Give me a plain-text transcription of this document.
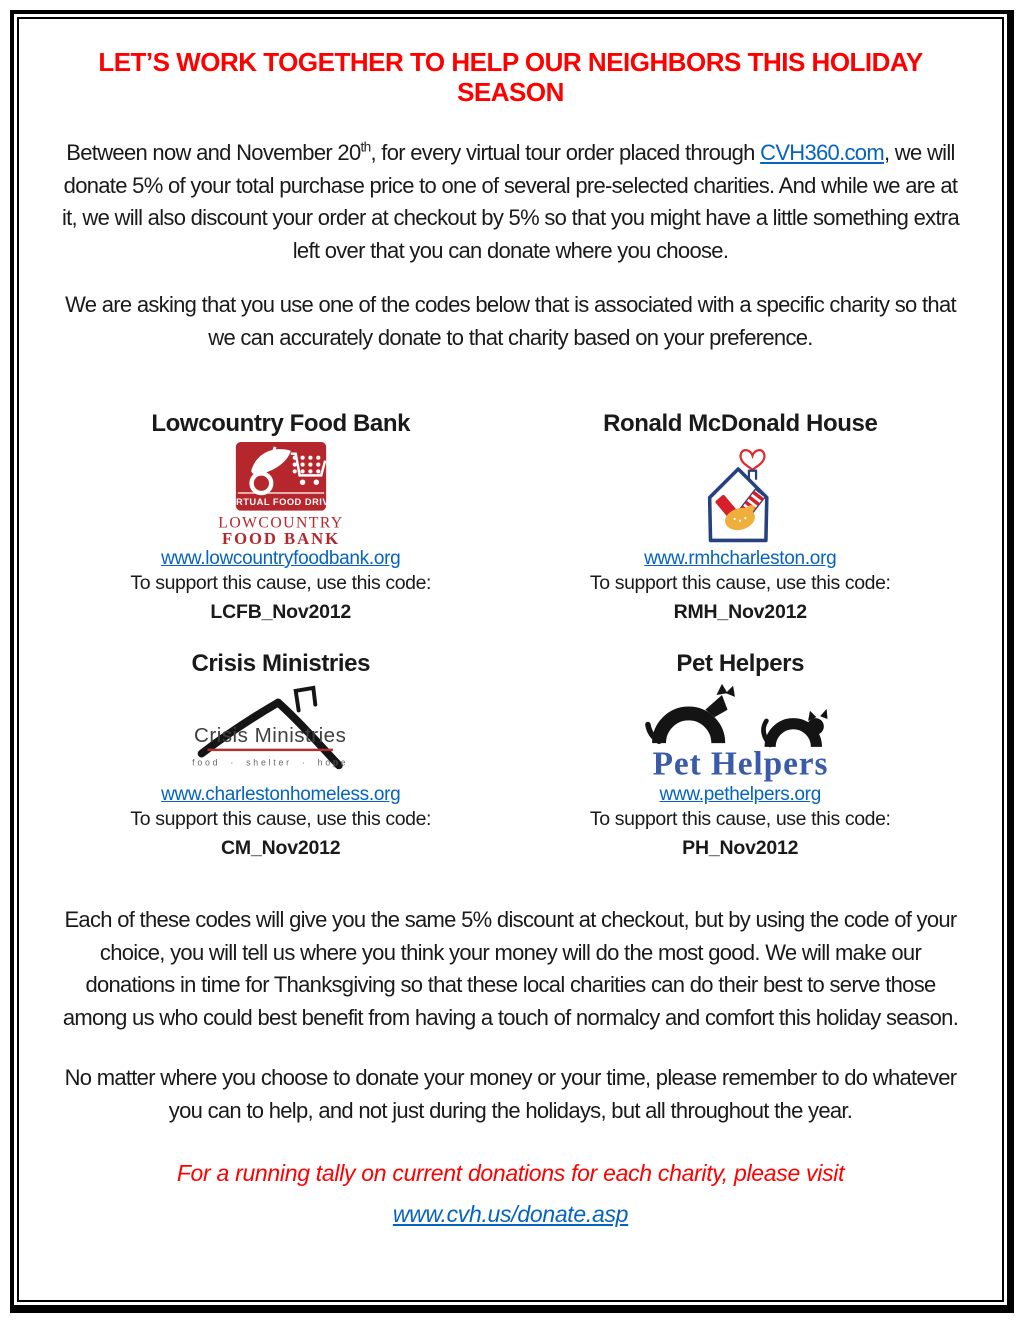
LET’S WORK TOGETHER TO HELP OUR NEIGHBORS THIS HOLIDAY SEASON

Between now and November 20th, for every virtual tour order placed through CVH360.com, we will donate 5% of your total purchase price to one of several pre-selected charities. And while we are at it, we will also discount your order at checkout by 5% so that you might have a little something extra left over that you can donate where you choose.

We are asking that you use one of the codes below that is associated with a specific charity so that we can accurately donate to that charity based on your preference.

Lowcountry Food Bank
VIRTUAL FOOD DRIVE
LOWCOUNTRY
FOOD BANK
www.lowcountryfoodbank.org
To support this cause, use this code:
LCFB_Nov2012
Ronald McDonald House
www.rmhcharleston.org
To support this cause, use this code:
RMH_Nov2012
Crisis Ministries
Crisis Ministries
food · shelter · hope
www.charlestonhomeless.org
To support this cause, use this code:
CM_Nov2012
Pet Helpers
Pet Helpers
www.pethelpers.org
To support this cause, use this code:
PH_Nov2012

Each of these codes will give you the same 5% discount at checkout, but by using the code of your choice, you will tell us where you think your money will do the most good. We will make our donations in time for Thanksgiving so that these local charities can do their best to serve those among us who could best benefit from having a touch of normalcy and comfort this holiday season.

No matter where you choose to donate your money or your time, please remember to do whatever you can to help, and not just during the holidays, but all throughout the year.

For a running tally on current donations for each charity, please visit

www.cvh.us/donate.asp
